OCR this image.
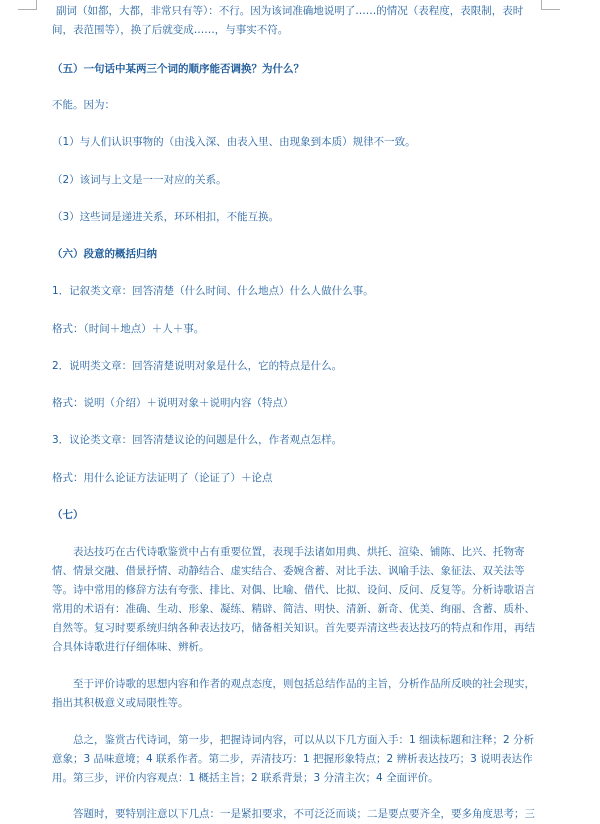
副词（如都，大都，非常只有等）：不行。因为该词准确地说明了……的情况（表程度，表限制，表时间，表范围等），换了后就变成……，与事实不符。

（五）一句话中某两三个词的顺序能否调换？为什么？

不能。因为：

（1）与人们认识事物的（由浅入深、由表入里、由现象到本质）规律不一致。

（2）该词与上文是一一对应的关系。

（3）这些词是递进关系，环环相扣，不能互换。

（六）段意的概括归纳

1．记叙类文章：回答清楚（什么时间、什么地点）什么人做什么事。

格式：（时间＋地点）＋人＋事。

2．说明类文章：回答清楚说明对象是什么，它的特点是什么。

格式：说明（介绍）＋说明对象＋说明内容（特点）

3．议论类文章：回答清楚议论的问题是什么，作者观点怎样。

格式：用什么论证方法证明了（论证了）＋论点

（七）

表达技巧在古代诗歌鉴赏中占有重要位置，表现手法诸如用典、烘托、渲染、铺陈、比兴、托物寄情、情景交融、借景抒情、动静结合、虚实结合、委婉含蓄、对比手法、讽喻手法、象征法、双关法等等。诗中常用的修辞方法有夸张、排比、对偶、比喻、借代、比拟、设问、反问、反复等。分析诗歌语言常用的术语有：准确、生动、形象、凝练、精辟、简洁、明快、清新、新奇、优美、绚丽、含蓄、质朴、自然等。复习时要系统归纳各种表达技巧，储备相关知识。首先要弄清这些表达技巧的特点和作用，再结合具体诗歌进行仔细体味、辨析。

至于评价诗歌的思想内容和作者的观点态度，则包括总结作品的主旨，分析作品所反映的社会现实，指出其积极意义或局限性等。

总之，鉴赏古代诗词，第一步，把握诗词内容，可以从以下几方面入手：1 细读标题和注释；2 分析意象；3 品味意境；4 联系作者。第二步，弄清技巧：1 把握形象特点；2 辨析表达技巧；3 说明表达作用。第三步，评价内容观点：1 概括主旨；2 联系背景；3 分清主次；4 全面评价。

答题时，要特别注意以下几点：一是紧扣要求，不可泛泛而谈；二是要点要齐全，要多角度思考；三
